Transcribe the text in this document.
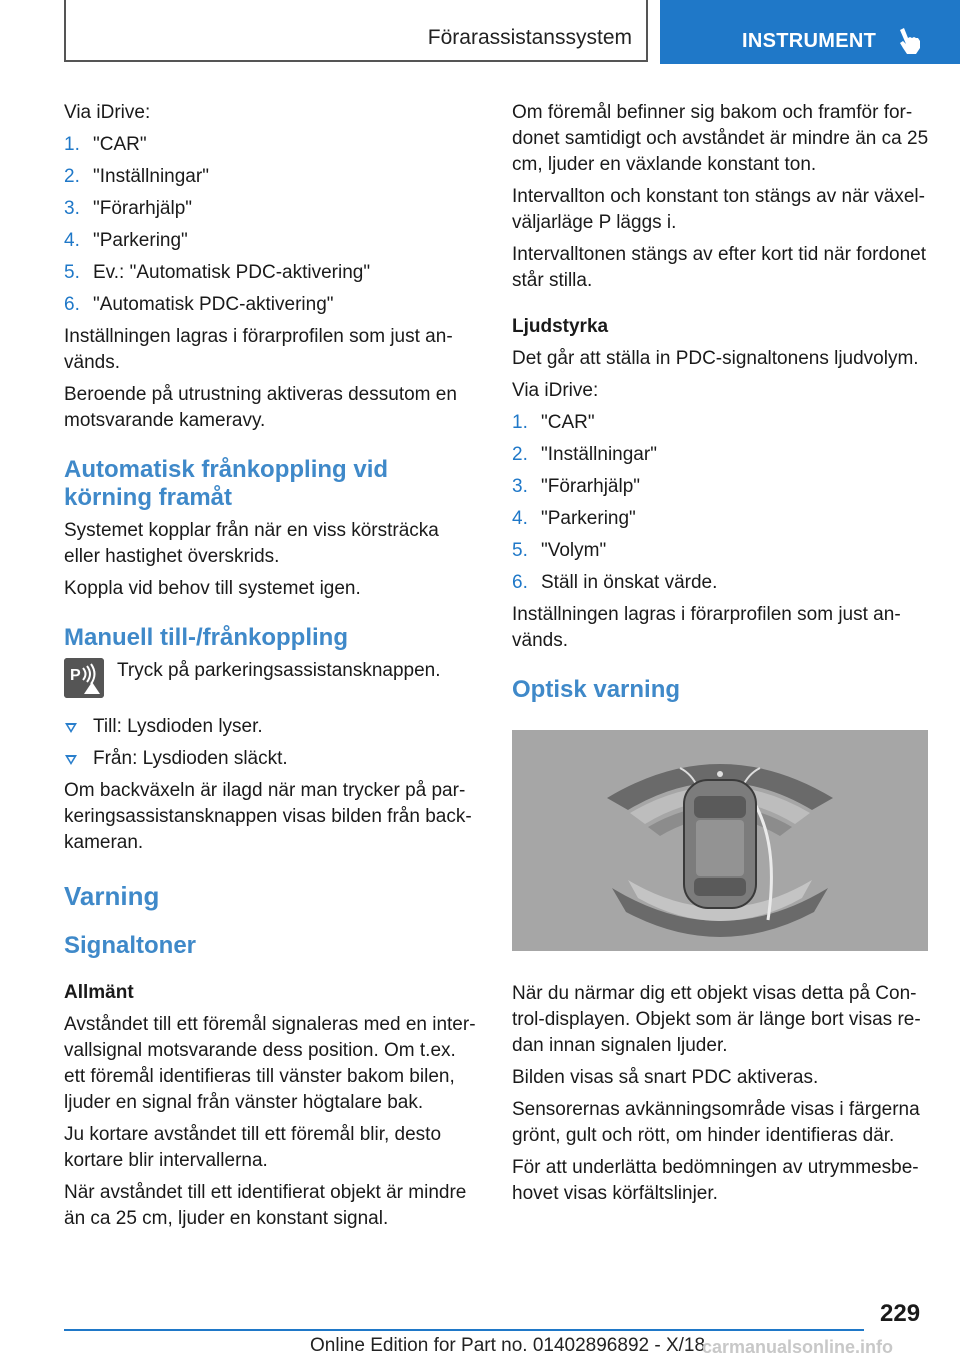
Förarassistanssystem	INSTRUMENT

Via iDrive:

1. "CAR"
2. "Inställningar"
3. "Förarhjälp"
4. "Parkering"
5. Ev.: "Automatisk PDC-aktivering"
6. "Automatisk PDC-aktivering"

Inställningen lagras i förarprofilen som just används.

Beroende på utrustning aktiveras dessutom en motsvarande kameravy.

Automatisk frånkoppling vid körning framåt

Systemet kopplar från när en viss körsträcka eller hastighet överskrids.

Koppla vid behov till systemet igen.

Manuell till-/frånkoppling
P Tryck på parkeringsassistansknappen.
Till: Lysdioden lyser.
Från: Lysdioden släckt.

Om backväxeln är ilagd när man trycker på parkeringsassistansknappen visas bilden från backkameran.

Varning
Signaltoner
Allmänt

Avståndet till ett föremål signaleras med en intervallsignal motsvarande dess position. Om t.ex. ett föremål identifieras till vänster bakom bilen, ljuder en signal från vänster högtalare bak.

Ju kortare avståndet till ett föremål blir, desto kortare blir intervallerna.

När avståndet till ett identifierat objekt är mindre än ca 25 cm, ljuder en konstant signal.

Om föremål befinner sig bakom och framför fordonet samtidigt och avståndet är mindre än ca 25 cm, ljuder en växlande konstant ton.

Intervallton och konstant ton stängs av när växelväljarläge P läggs i.

Intervalltonen stängs av efter kort tid när fordonet står stilla.

Ljudstyrka

Det går att ställa in PDC-signaltonens ljudvolym.

Via iDrive:

1. "CAR"
2. "Inställningar"
3. "Förarhjälp"
4. "Parkering"
5. "Volym"
6. Ställ in önskat värde.

Inställningen lagras i förarprofilen som just används.

Optisk varning

När du närmar dig ett objekt visas detta på Control-displayen. Objekt som är länge bort visas redan innan signalen ljuder.

Bilden visas så snart PDC aktiveras.

Sensorernas avkänningsområde visas i färgerna grönt, gult och rött, om hinder identifieras där.

För att underlätta bedömningen av utrymmesbehovet visas körfältslinjer.

229
Online Edition for Part no. 01402896892 - X/18
carmanualsonline.info
